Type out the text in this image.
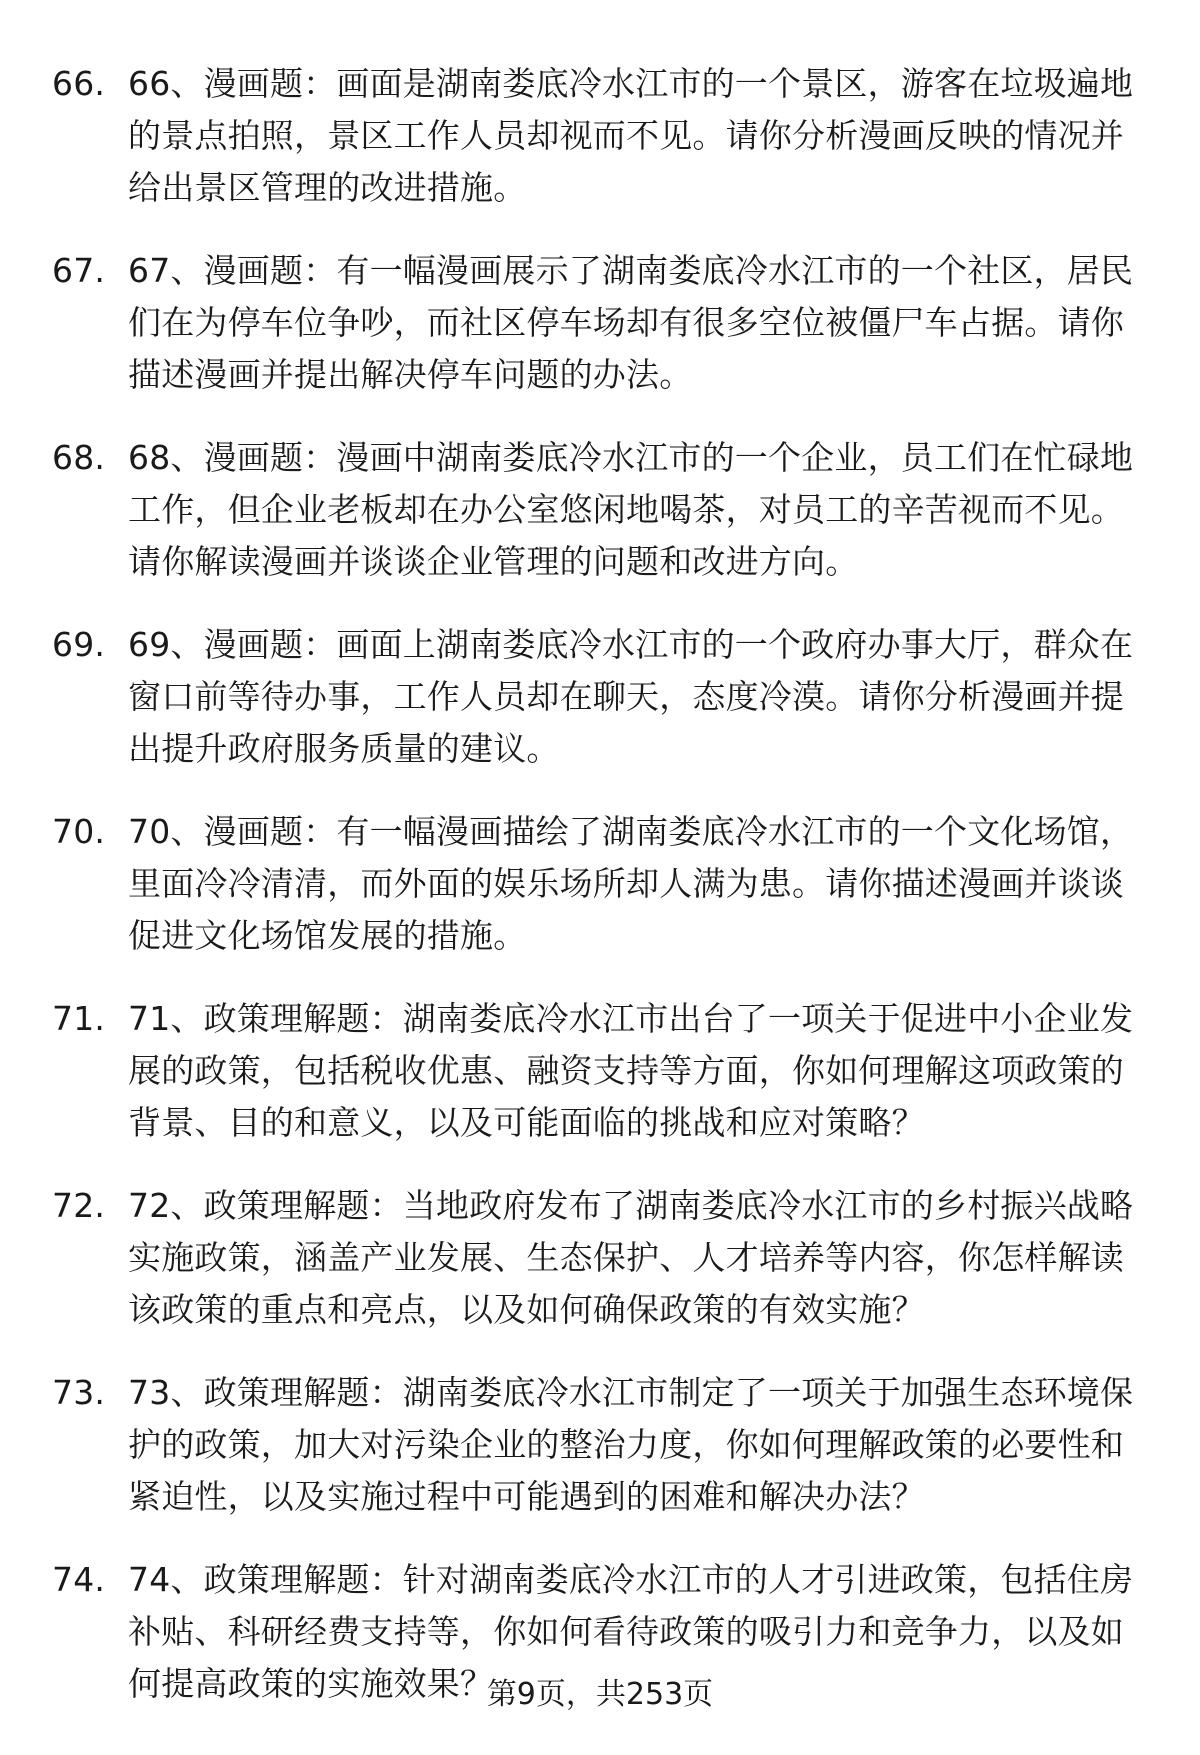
66. 66、漫画题：画面是湖南娄底冷水江市的一个景区，游客在垃圾遍地的景点拍照，景区工作人员却视而不见。请你分析漫画反映的情况并给出景区管理的改进措施。
67. 67、漫画题：有一幅漫画展示了湖南娄底冷水江市的一个社区，居民们在为停车位争吵，而社区停车场却有很多空位被僵尸车占据。请你描述漫画并提出解决停车问题的办法。
68. 68、漫画题：漫画中湖南娄底冷水江市的一个企业，员工们在忙碌地工作，但企业老板却在办公室悠闲地喝茶，对员工的辛苦视而不见。请你解读漫画并谈谈企业管理的问题和改进方向。
69. 69、漫画题：画面上湖南娄底冷水江市的一个政府办事大厅，群众在窗口前等待办事，工作人员却在聊天，态度冷漠。请你分析漫画并提出提升政府服务质量的建议。
70. 70、漫画题：有一幅漫画描绘了湖南娄底冷水江市的一个文化场馆，里面冷冷清清，而外面的娱乐场所却人满为患。请你描述漫画并谈谈促进文化场馆发展的措施。
71. 71、政策理解题：湖南娄底冷水江市出台了一项关于促进中小企业发展的政策，包括税收优惠、融资支持等方面，你如何理解这项政策的背景、目的和意义，以及可能面临的挑战和应对策略？
72. 72、政策理解题：当地政府发布了湖南娄底冷水江市的乡村振兴战略实施政策，涵盖产业发展、生态保护、人才培养等内容，你怎样解读该政策的重点和亮点，以及如何确保政策的有效实施？
73. 73、政策理解题：湖南娄底冷水江市制定了一项关于加强生态环境保护的政策，加大对污染企业的整治力度，你如何理解政策的必要性和紧迫性，以及实施过程中可能遇到的困难和解决办法？
74. 74、政策理解题：针对湖南娄底冷水江市的人才引进政策，包括住房补贴、科研经费支持等，你如何看待政策的吸引力和竞争力，以及如何提高政策的实施效果？
第9页，共253页
